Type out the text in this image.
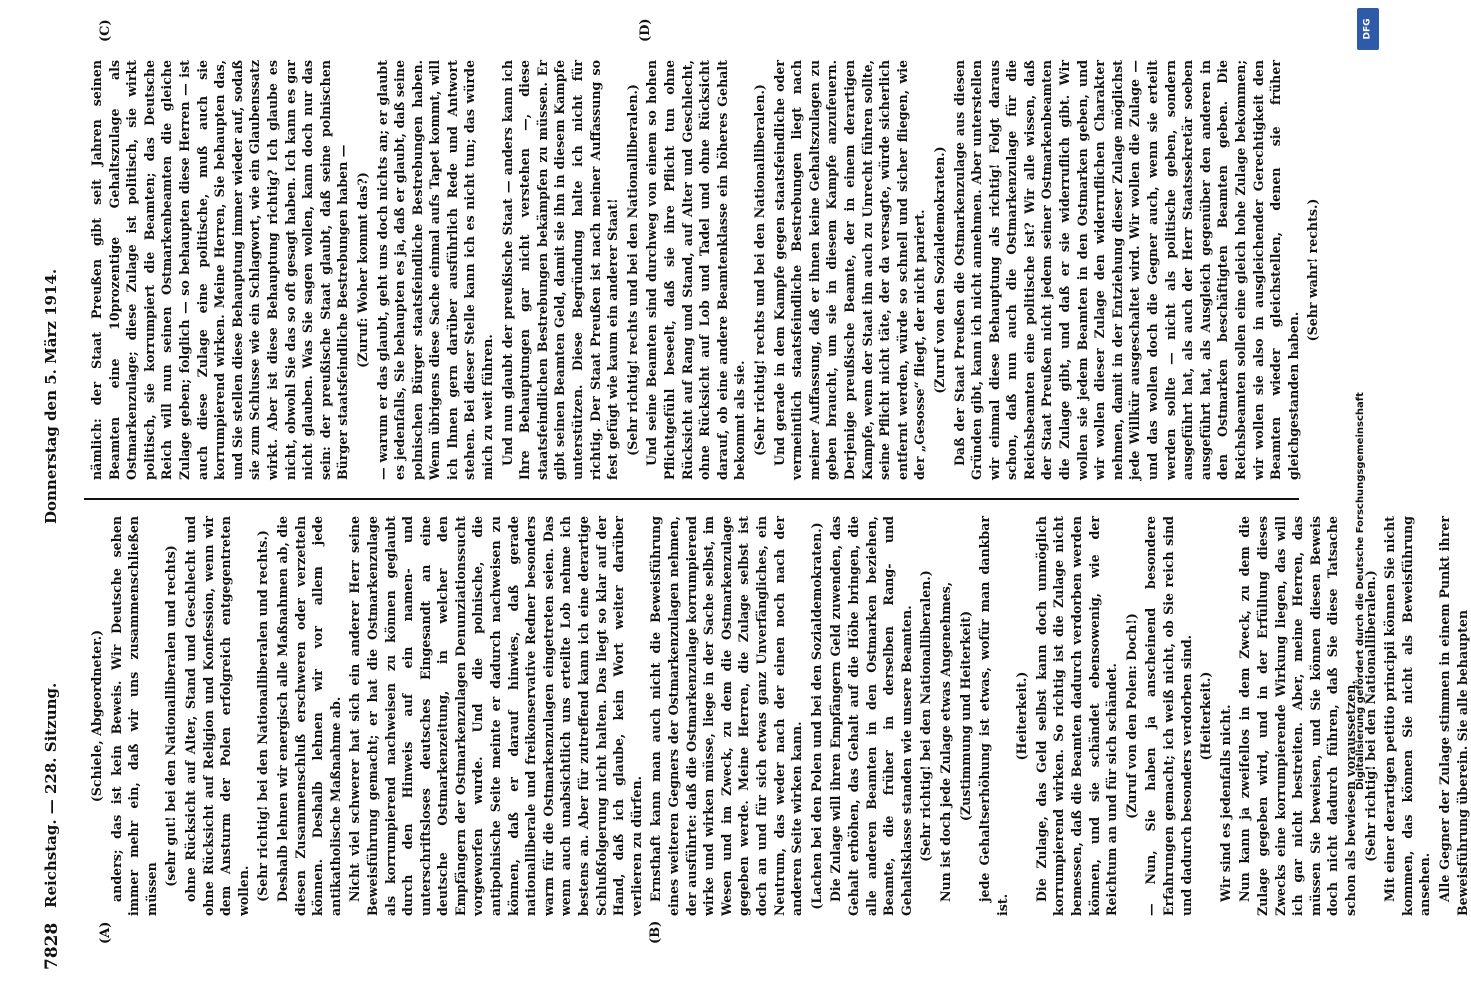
7828
Reichstag. — 228. Sitzung.
Donnerstag den 5. März 1914.
(A)	(B)
(C)	(D)

(Schiele, Abgeordneter.) anders; das ist kein Beweis. Wir Deutsche sehen immer mehr ein, daß wir uns zusammenschließen müssen

(sehr gut! bei den Nationalliberalen und rechts) ohne Rücksicht auf Alter, Stand und Geschlecht und ohne Rücksicht auf Religion und Konfession, wenn wir dem Ansturm der Polen erfolgreich entgegentreten wollen. (Sehr richtig! bei den Nationalliberalen und rechts.) Deshalb lehnen wir energisch alle Maßnahmen ab, die diesen Zusammenschluß erschweren oder verzetteln können. Deshalb lehnen wir vor allem jede antikatholische Maßnahme ab. Nicht viel schwerer hat sich ein anderer Herr seine Beweisführung gemacht; er hat die Ostmarkenzulage als korrumpierend nachweisen zu können geglaubt durch den Hinweis auf ein namen- und unterschriftsloses deutsches Eingesandt an eine deutsche Ostmarkenzeitung, in welcher den Empfängern der Ostmarkenzulagen Denunziationssucht vorgeworfen wurde. Und die polnische, die antipolnische Seite meinte er dadurch nachweisen zu können, daß er darauf hinwies, daß gerade nationalliberale und freikonservative Redner besonders warm für die Ostmarkenzulagen eingetreten seien. Das wenn auch unabsichtlich uns erteilte Lob nehme ich bestens an. Aber für zutreffend kann ich eine derartige Schlußfolgerung nicht halten. Das liegt so klar auf der Hand, daß ich glaube, kein Wort weiter darüber verlieren zu dürfen. Ernsthaft kann man auch nicht die Beweisführung eines weiteren Gegners der Ostmarkenzulagen nehmen, der ausführte: daß die Ostmarkenzulage korrumpierend wirke und wirken müsse, liege in der Sache selbst, im Wesen und im Zweck, zu dem die Ostmarkenzulage gegeben werde. Meine Herren, die Zulage selbst ist doch an und für sich etwas ganz Unverfängliches, ein Neutrum, das weder nach der einen noch nach der anderen Seite wirken kann. (Lachen bei den Polen und bei den Sozialdemokraten.) Die Zulage will ihren Empfängern Geld zuwenden, das Gehalt erhöhen, das Gehalt auf die Höhe bringen, die alle anderen Beamten in den Ostmarken beziehen, Beamte, die früher in derselben Rang- und Gehaltsklasse standen wie unsere Beamten. (Sehr richtig! bei den Nationalliberalen.) Nun ist doch jede Zulage etwas Angenehmes, (Zustimmung und Heiterkeit) jede Gehaltserhöhung ist etwas, wofür man dankbar ist.

(Heiterkeit.) Die Zulage, das Geld selbst kann doch unmöglich korrumpierend wirken. So richtig ist die Zulage nicht bemessen, daß die Beamten dadurch verdorben werden können, und sie schändet ebensowenig, wie der Reichtum an und für sich schändet. (Zuruf von den Polen: Doch!) — Nun, Sie haben ja anscheinend besondere Erfahrungen gemacht; ich weiß nicht, ob Sie reich sind und dadurch besonders verdorben sind. (Heiterkeit.) Wir sind es jedenfalls nicht. Nun kann ja zweifellos in dem Zweck, zu dem die Zulage gegeben wird, und in der Erfüllung dieses Zwecks eine korrumpierende Wirkung liegen, das will ich gar nicht bestreiten. Aber, meine Herren, das müssen Sie beweisen, und Sie können diesen Beweis doch nicht dadurch führen, daß Sie diese Tatsache schon als bewiesen voraussetzen. (Sehr richtig! bei den Nationalliberalen.) Mit einer derartigen petitio principii können Sie nicht kommen, das können Sie nicht als Beweisführung ansehen. Alle Gegner der Zulage stimmen in einem Punkt ihrer Beweisführung überein. Sie alle behaupten

nämlich: der Staat Preußen gibt seit Jahren seinen Beamten eine 10prozentige Gehaltszulage als Ostmarkenzulage; diese Zulage ist politisch, sie wirkt politisch, sie korrumpiert die Beamten; das Deutsche Reich will nun seinen Ostmarkenbeamten die gleiche Zulage geben; folglich — so behaupten diese Herren — ist auch diese Zulage eine politische, muß auch sie korrumpierend wirken. Meine Herren, Sie behaupten das, und Sie stellen diese Behauptung immer wieder auf, sodaß sie zum Schlusse wie ein Schlagwort, wie ein Glaubenssatz wirkt. Aber ist diese Behauptung richtig? Ich glaube es nicht, obwohl Sie das so oft gesagt haben. Ich kann es gar nicht glauben. Was Sie sagen wollen, kann doch nur das sein: der preußische Staat glaubt, daß seine polnischen Bürger staatsfeindliche Bestrebungen haben — (Zuruf: Woher kommt das?) — warum er das glaubt, geht uns doch nichts an; er glaubt es jedenfalls, Sie behaupten es ja, daß er glaubt, daß seine polnischen Bürger staatsfeindliche Bestrebungen haben. Wenn übrigens diese Sache einmal aufs Tapet kommt, will ich Ihnen gern darüber ausführlich Rede und Antwort stehen. Bei dieser Stelle kann ich es nicht tun; das würde mich zu weit führen. Und nun glaubt der preußische Staat — anders kann ich Ihre Behauptungen gar nicht verstehen —, diese staatsfeindlichen Bestrebungen bekämpfen zu müssen. Er gibt seinen Beamten Geld, damit sie ihn in diesem Kampfe unterstützen. Diese Begründung halte ich nicht für richtig. Der Staat Preußen ist nach meiner Auffassung so fest gefügt wie kaum ein anderer Staat! (Sehr richtig! rechts und bei den Nationalliberalen.) Und seine Beamten sind durchweg von einem so hohen Pflichtgefühl beseelt, daß sie ihre Pflicht tun ohne Rücksicht auf Rang und Stand, auf Alter und Geschlecht, ohne Rücksicht auf Lob und Tadel und ohne Rücksicht darauf, ob eine andere Beamtenklasse ein höheres Gehalt bekommt als sie. (Sehr richtig! rechts und bei den Nationalliberalen.) Und gerade in dem Kampfe gegen staatsfeindliche oder vermeintlich staatsfeindliche Bestrebungen liegt nach meiner Auffassung, daß er ihnen keine Gehaltszulagen zu geben braucht, um sie in diesem Kampfe anzufeuern. Derjenige preußische Beamte, der in einem derartigen Kampfe, wenn der Staat ihn auch zu Unrecht führen sollte, seine Pflicht nicht täte, der da versagte, würde sicherlich entfernt werden, würde so schnell und sicher fliegen, wie der „Gesosse“ fliegt, der nicht pariert. (Zuruf von den Sozialdemokraten.) Daß der Staat Preußen die Ostmarkenzulage aus diesen Gründen gibt, kann ich nicht annehmen. Aber unterstellen wir einmal diese Behauptung als richtig! Folgt daraus schon, daß nun auch die Ostmarkenzulage für die Reichsbeamten eine politische ist? Wir alle wissen, daß der Staat Preußen nicht jedem seiner Ostmarkenbeamten die Zulage gibt, und daß er sie widerruflich gibt. Wir wollen sie jedem Beamten in den Ostmarken geben, und wir wollen dieser Zulage den widerruflichen Charakter nehmen, damit in der Entziehung dieser Zulage möglichst jede Willkür ausgeschaltet wird. Wir wollen die Zulage — und das wollen doch die Gegner auch, wenn sie erteilt werden sollte — nicht als politische geben, sondern ausgeführt hat, als auch der Herr Staatssekretär soeben ausgeführt hat, als Ausgleich gegenüber den anderen in den Ostmarken beschäftigten Beamten geben. Die Reichsbeamten sollen eine gleich hohe Zulage bekommen; wir wollen sie also in ausgleichender Gerechtigkeit den Beamten wieder gleichstellen, denen sie früher gleichgestanden haben.

(Sehr wahr! rechts.)

DFG
Digitalisierung gefördert durch die Deutsche Forschungsgemeinschaft
